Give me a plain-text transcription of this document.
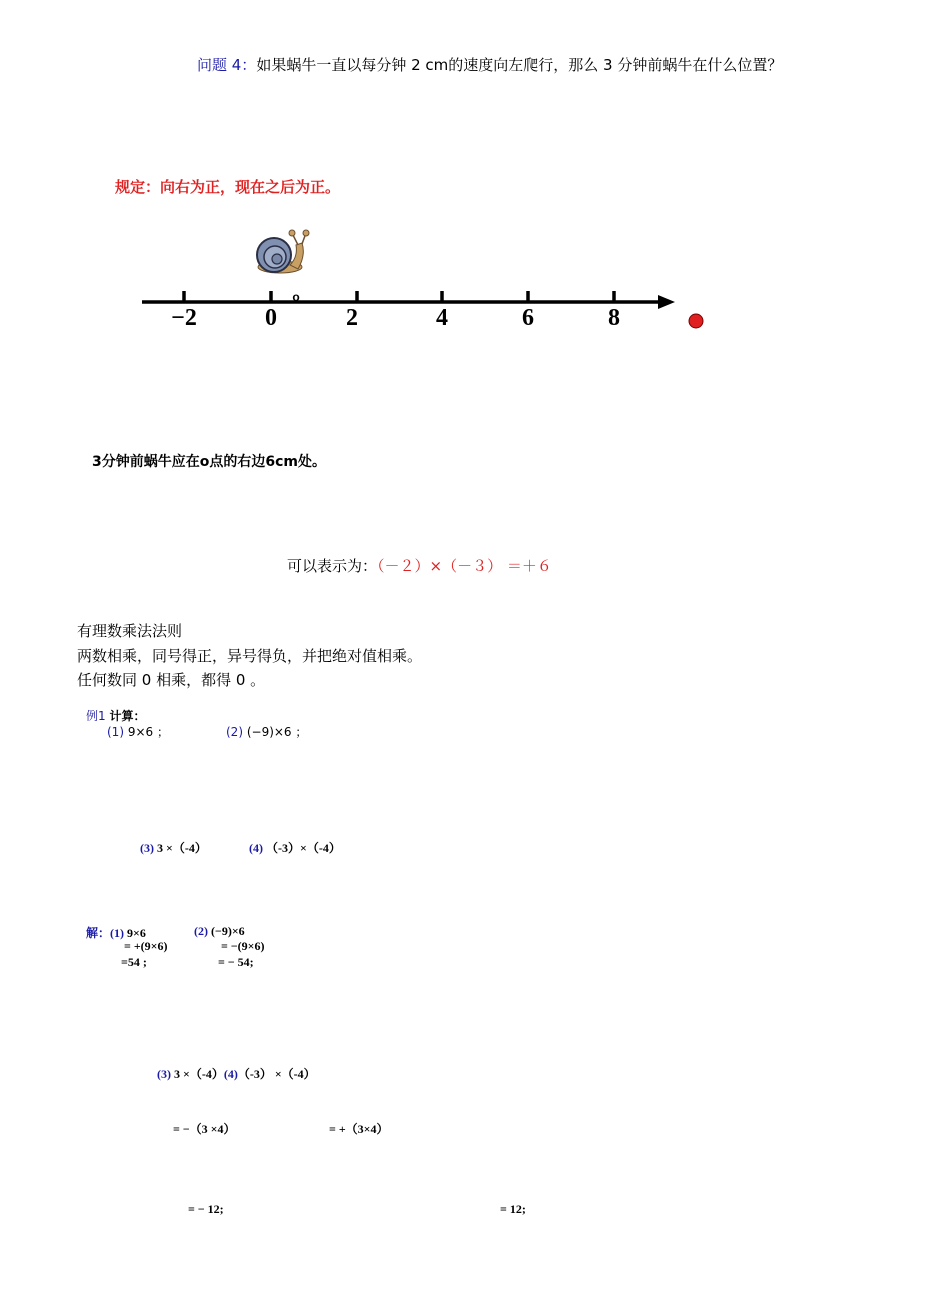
问题 4：如果蜗牛一直以每分钟 2 cm的速度向左爬行，那么 3 分钟前蜗牛在什么位置？
规定：向右为正，现在之后为正。
−2	0	2	4	6	8
o
3分钟前蜗牛应在o点的右边6cm处。
可以表示为：（－２）×（－３） ＝＋６
有理数乘法法则
两数相乘，同号得正，异号得负，并把绝对值相乘。
任何数同 0 相乘，都得 0 。
例1 计算：
(1) 9×6 ；	(2) (−9)×6 ；
(3) 3 ×（-4）	(4) （-3）×（-4）
解：(1) 9×6
= +(9×6)
=54 ;
(2) (−9)×6
= −(9×6)
= − 54;
(3) 3 ×（-4）(4)（-3） ×（-4）
= −（3 ×4）	= +（3×4）
= − 12;	= 12;
